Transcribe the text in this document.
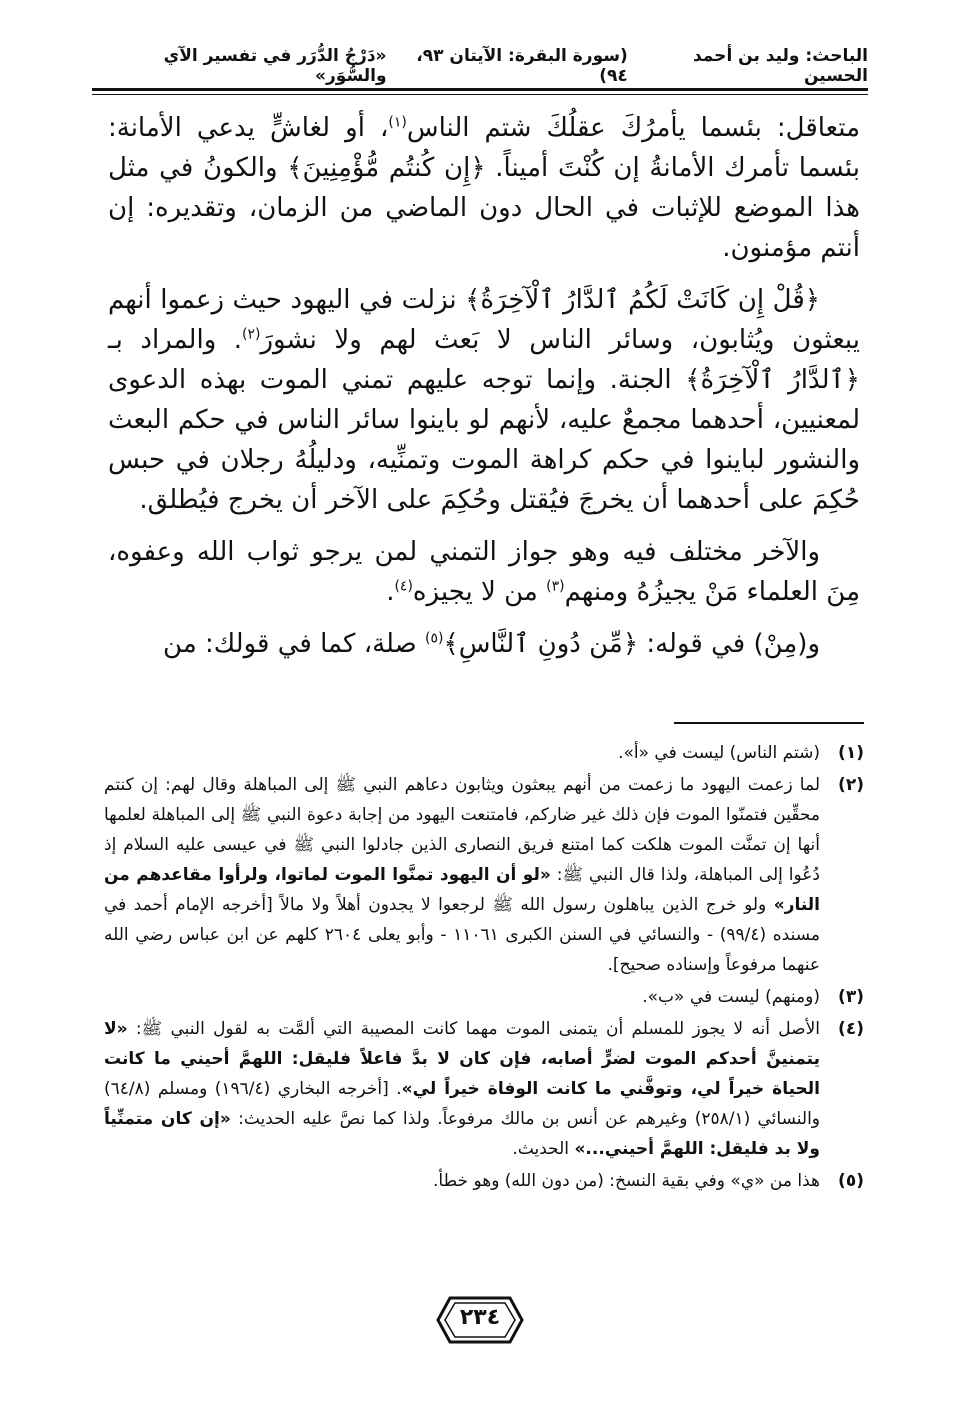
الباحث: وليد بن أحمد الحسين
(سورة البقرة: الآيتان ٩٣، ٩٤)
«دَرْجُ الدُّرَر في تفسير الآي والسُّوَر»

متعاقل: بئسما يأمرُكَ عقلُكَ شتم الناس$^{(١)}$، أو لغاشٍّ يدعي الأمانة: بئسما تأمرك الأمانةُ إن كُنْتَ أميناً. ﴿إِن كُنتُم مُّؤْمِنِينَ﴾ والكونُ في مثل هذا الموضع للإثبات في الحال دون الماضي من الزمان، وتقديره: إن أنتم مؤمنون.

﴿قُلْ إِن كَانَتْ لَكُمُ ٱلدَّارُ ٱلْآخِرَةُ﴾ نزلت في اليهود حيث زعموا أنهم يبعثون ويُثابون، وسائر الناس لا بَعث لهم ولا نشورَ$^{(٢)}$. والمراد بـ ﴿ٱلدَّارُ ٱلْآخِرَةُ﴾ الجنة. وإنما توجه عليهم تمني الموت بهذه الدعوى لمعنيين، أحدهما مجمعٌ عليه، لأنهم لو باينوا سائر الناس في حكم البعث والنشور لباينوا في حكم كراهة الموت وتمنِّيه، ودليلُهُ رجلان في حبس حُكِمَ على أحدهما أن يخرجَ فيُقتل وحُكِمَ على الآخر أن يخرج فيُطلق.

والآخر مختلف فيه وهو جواز التمني لمن يرجو ثواب الله وعفوه، مِنَ العلماء مَنْ يجيزُهُ ومنهم$^{(٣)}$ من لا يجيزه$^{(٤)}$.

و(مِنْ) في قوله: ﴿مِّن دُونِ ٱلنَّاسِ﴾$^{(٥)}$ صلة، كما في قولك: من

(١)
(شتم الناس) ليست في «أ».
(٢)
لما زعمت اليهود ما زعمت من أنهم يبعثون ويثابون دعاهم النبي ﷺ إلى المباهلة وقال لهم: إن كنتم محقِّين فتمنّوا الموت فإن ذلك غير ضاركم، فامتنعت اليهود من إجابة دعوة النبي ﷺ إلى المباهلة لعلمها أنها إن تمنَّت الموت هلكت كما امتنع فريق النصارى الذين جادلوا النبي ﷺ في عيسى عليه السلام إذ دُعُوا إلى المباهلة، ولذا قال النبي ﷺ: «لو أن اليهود تمنَّوا الموت لماتوا، ولرأوا مقاعدهم من النار» ولو خرج الذين يباهلون رسول الله ﷺ لرجعوا لا يجدون أهلاً ولا مالاً [أخرجه الإمام أحمد في مسنده (٩٩/٤) - والنسائي في السنن الكبرى ١١٠٦١ - وأبو يعلى ٢٦٠٤ كلهم عن ابن عباس رضي الله عنهما مرفوعاً وإسناده صحيح].
(٣)
(ومنهم) ليست في «ب».
(٤)
الأصل أنه لا يجوز للمسلم أن يتمنى الموت مهما كانت المصيبة التي ألمَّت به لقول النبي ﷺ: «لا يتمنينَّ أحدكم الموت لضرٍّ أصابه، فإن كان لا بدَّ فاعلاً فليقل: اللهمَّ أحيني ما كانت الحياة خيراً لي، وتوفَّني ما كانت الوفاة خيراً لي». [أخرجه البخاري (١٩٦/٤) ومسلم (٦٤/٨) والنسائي (٢٥٨/١) وغيرهم عن أنس بن مالك مرفوعاً. ولذا كما نصَّ عليه الحديث: «إن كان متمنِّياً ولا بد فليقل: اللهمَّ أحيني...» الحديث.
(٥)
هذا من «ي» وفي بقية النسخ: (من دون الله) وهو خطأ.
٢٣٤
